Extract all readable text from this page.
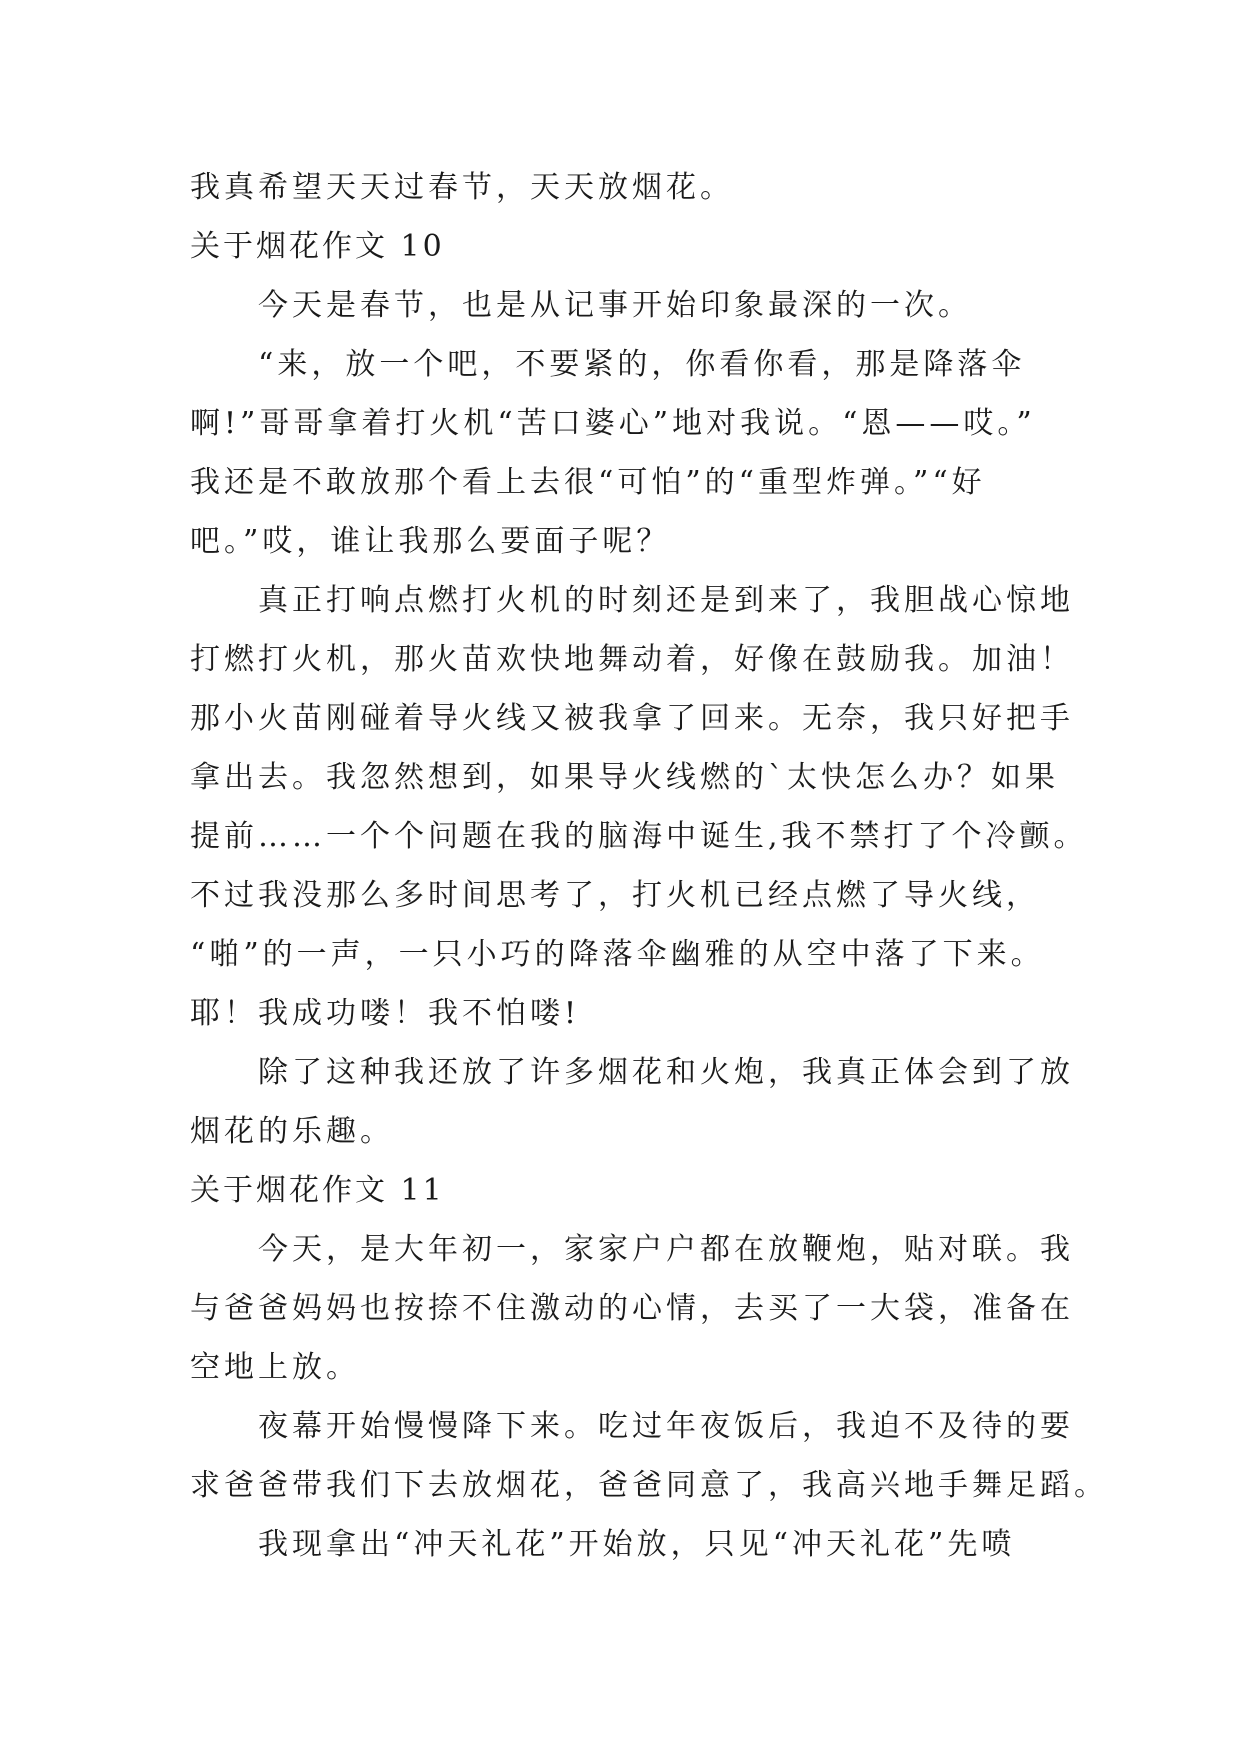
我真希望天天过春节，天天放烟花。

关于烟花作文 10

今天是春节，也是从记事开始印象最深的一次。

“来，放一个吧，不要紧的，你看你看，那是降落伞

啊!”哥哥拿着打火机“苦口婆心”地对我说。“恩——哎。”

我还是不敢放那个看上去很“可怕”的“重型炸弹。”“好

吧。”哎，谁让我那么要面子呢？

真正打响点燃打火机的时刻还是到来了，我胆战心惊地

打燃打火机，那火苗欢快地舞动着，好像在鼓励我。加油！

那小火苗刚碰着导火线又被我拿了回来。无奈，我只好把手

拿出去。我忽然想到，如果导火线燃的`太快怎么办？如果

提前……一个个问题在我的脑海中诞生,我不禁打了个冷颤。

不过我没那么多时间思考了，打火机已经点燃了导火线，

“啪”的一声，一只小巧的降落伞幽雅的从空中落了下来。

耶！我成功喽！我不怕喽!

除了这种我还放了许多烟花和火炮，我真正体会到了放

烟花的乐趣。

关于烟花作文 11

今天，是大年初一，家家户户都在放鞭炮，贴对联。我

与爸爸妈妈也按捺不住激动的心情，去买了一大袋，准备在

空地上放。

夜幕开始慢慢降下来。吃过年夜饭后，我迫不及待的要

求爸爸带我们下去放烟花，爸爸同意了，我高兴地手舞足蹈。

我现拿出“冲天礼花”开始放，只见“冲天礼花”先喷
